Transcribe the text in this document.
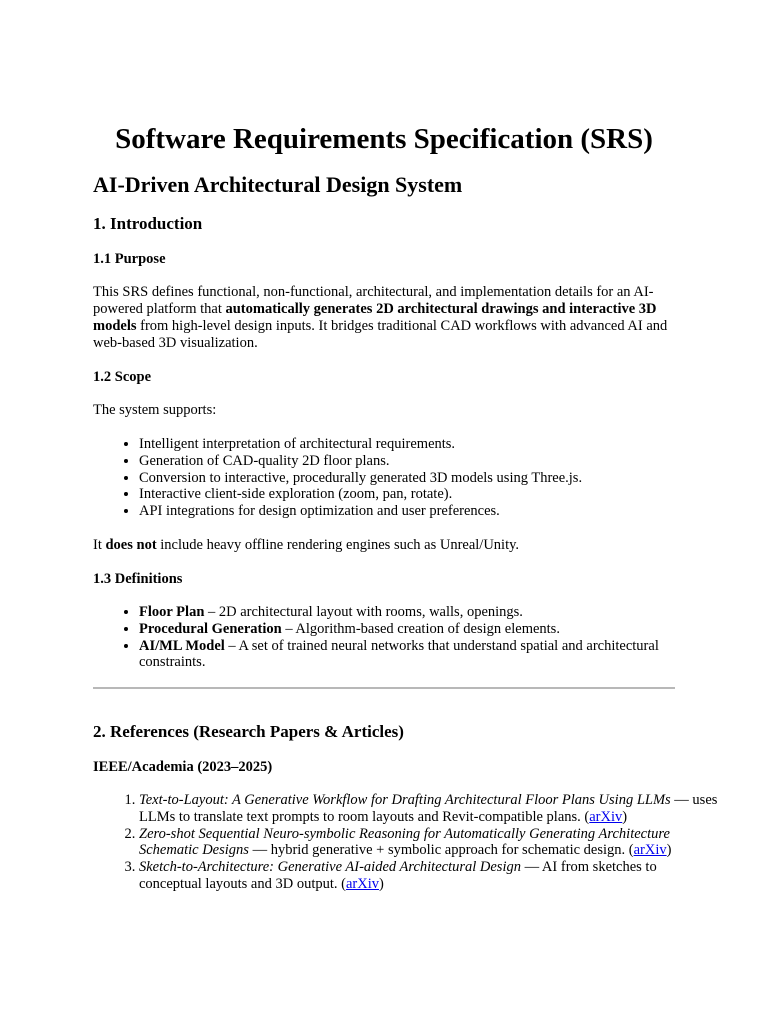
Software Requirements Specification (SRS)
AI-Driven Architectural Design System
1. Introduction
1.1 Purpose

This SRS defines functional, non-functional, architectural, and implementation details for an AI-powered platform that automatically generates 2D architectural drawings and interactive 3D models from high-level design inputs. It bridges traditional CAD workflows with advanced AI and web-based 3D visualization.

1.2 Scope

The system supports:

• Intelligent interpretation of architectural requirements.
• Generation of CAD-quality 2D floor plans.
• Conversion to interactive, procedurally generated 3D models using Three.js.
• Interactive client-side exploration (zoom, pan, rotate).
• API integrations for design optimization and user preferences.

It does not include heavy offline rendering engines such as Unreal/Unity.

1.3 Definitions
• Floor Plan – 2D architectural layout with rooms, walls, openings.
• Procedural Generation – Algorithm-based creation of design elements.
• AI/ML Model – A set of trained neural networks that understand spatial and architectural constraints.
2. References (Research Papers & Articles)
IEEE/Academia (2023–2025)
1. Text-to-Layout: A Generative Workflow for Drafting Architectural Floor Plans Using LLMs — uses LLMs to translate text prompts to room layouts and Revit-compatible plans. (arXiv)
2. Zero-shot Sequential Neuro-symbolic Reasoning for Automatically Generating Architecture Schematic Designs — hybrid generative + symbolic approach for schematic design. (arXiv)
3. Sketch-to-Architecture: Generative AI-aided Architectural Design — AI from sketches to conceptual layouts and 3D output. (arXiv)
